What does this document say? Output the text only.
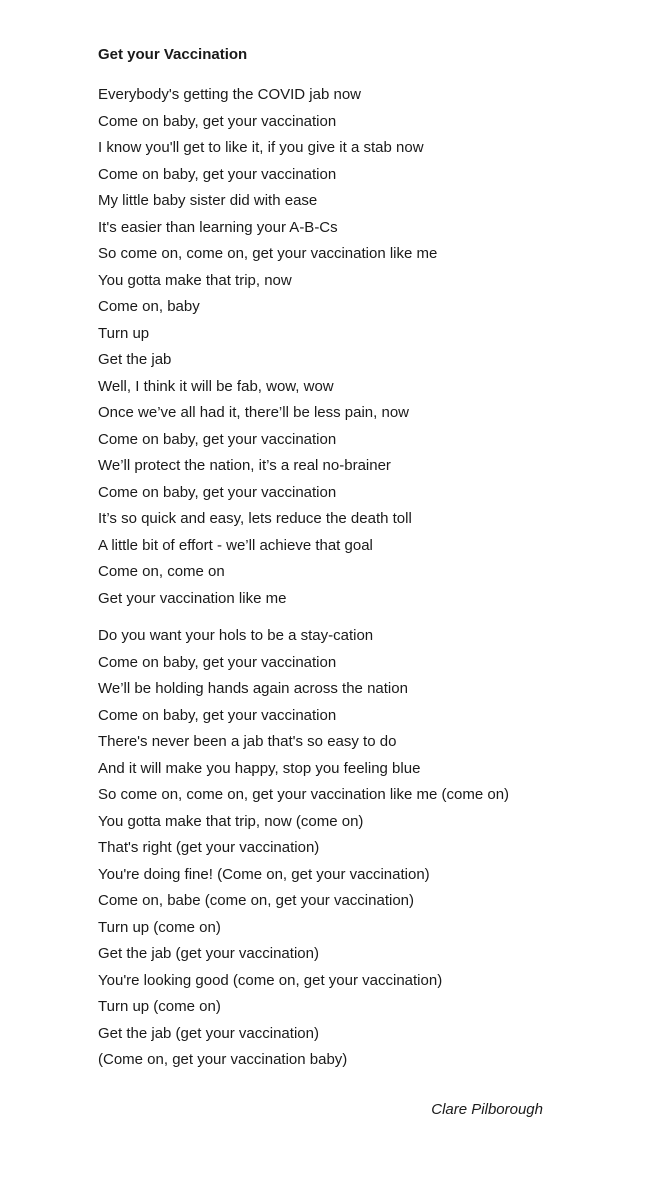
Get your Vaccination
Everybody's getting the COVID jab now
Come on baby, get your vaccination
I know you'll get to like it, if you give it a stab now
Come on baby, get your vaccination
My little baby sister did with ease
It's easier than learning your A-B-Cs
So come on, come on, get your vaccination like me
You gotta make that trip, now
Come on, baby
Turn up
Get the jab
Well, I think it will be fab, wow, wow
Once we’ve all had it, there’ll be less pain, now
Come on baby, get your vaccination
We’ll protect the nation, it’s a real no-brainer
Come on baby, get your vaccination
It’s so quick and easy, lets reduce the death toll
A little bit of effort - we’ll achieve that goal
Come on, come on
Get your vaccination like me
Do you want your hols to be a stay-cation
Come on baby, get your vaccination
We’ll be holding hands again across the nation
Come on baby, get your vaccination
There's never been a jab that's so easy to do
And it will make you happy, stop you feeling blue
So come on, come on, get your vaccination like me (come on)
You gotta make that trip, now (come on)
That's right (get your vaccination)
You're doing fine! (Come on, get your vaccination)
Come on, babe (come on, get your vaccination)
Turn up (come on)
Get the jab (get your vaccination)
You're looking good (come on, get your vaccination)
Turn up (come on)
Get the jab (get your vaccination)
(Come on, get your vaccination baby)
Clare Pilborough
